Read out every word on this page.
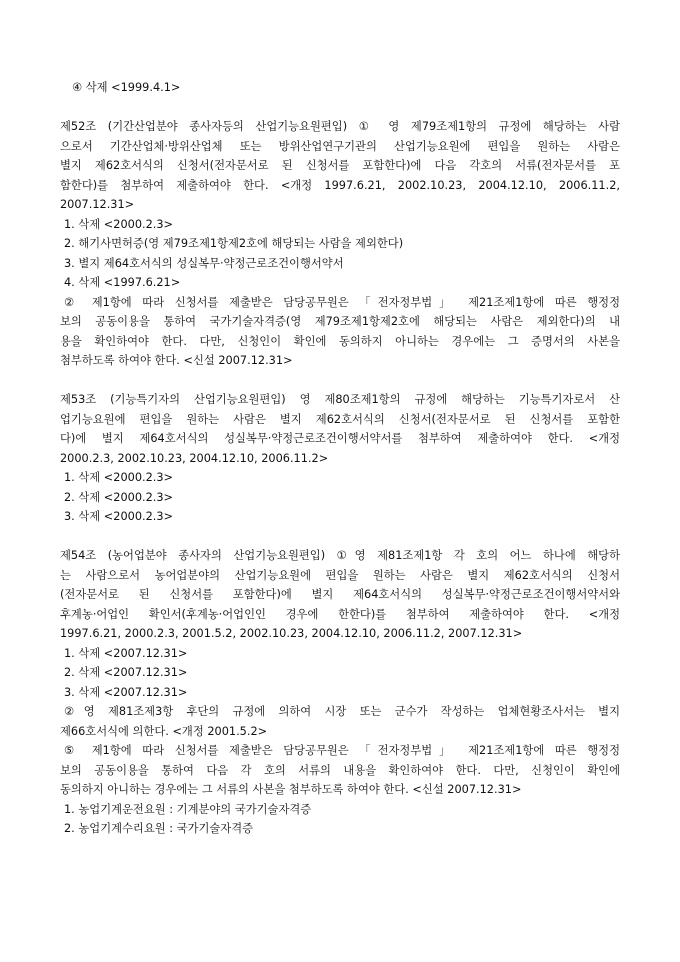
④ 삭제 <1999.4.1>
제52조 (기간산업분야 종사자등의 산업기능요원편입) ① 영 제79조제1항의 규정에 해당하는 사람
으로서 기간산업체·방위산업체 또는 방위산업연구기관의 산업기능요원에 편입을 원하는 사람은
별지 제62호서식의 신청서(전자문서로 된 신청서를 포함한다)에 다음 각호의 서류(전자문서를 포
함한다)를 첨부하여 제출하여야 한다. <개정 1997.6.21, 2002.10.23, 2004.12.10, 2006.11.2,
2007.12.31>
1. 삭제 <2000.2.3>
2. 해기사면허증(영 제79조제1항제2호에 해당되는 사람을 제외한다)
3. 별지 제64호서식의 성실복무·약정근로조건이행서약서
4. 삭제 <1997.6.21>
② 제1항에 따라 신청서를 제출받은 담당공무원은 「전자정부법」 제21조제1항에 따른 행정정
보의 공동이용을 통하여 국가기술자격증(영 제79조제1항제2호에 해당되는 사람은 제외한다)의 내
용을 확인하여야 한다. 다만, 신청인이 확인에 동의하지 아니하는 경우에는 그 증명서의 사본을
첨부하도록 하여야 한다. <신설 2007.12.31>
제53조 (기능특기자의 산업기능요원편입) 영 제80조제1항의 규정에 해당하는 기능특기자로서 산
업기능요원에 편입을 원하는 사람은 별지 제62호서식의 신청서(전자문서로 된 신청서를 포함한
다)에 별지 제64호서식의 성실복무·약정근로조건이행서약서를 첨부하여 제출하여야 한다. <개정
2000.2.3, 2002.10.23, 2004.12.10, 2006.11.2>
1. 삭제 <2000.2.3>
2. 삭제 <2000.2.3>
3. 삭제 <2000.2.3>
제54조 (농어업분야 종사자의 산업기능요원편입) ①영 제81조제1항 각 호의 어느 하나에 해당하
는 사람으로서 농어업분야의 산업기능요원에 편입을 원하는 사람은 별지 제62호서식의 신청서
(전자문서로 된 신청서를 포함한다)에 별지 제64호서식의 성실복무·약정근로조건이행서약서와
후계농·어업인 확인서(후계농·어업인인 경우에 한한다)를 첨부하여 제출하여야 한다. <개정
1997.6.21, 2000.2.3, 2001.5.2, 2002.10.23, 2004.12.10, 2006.11.2, 2007.12.31>
1. 삭제 <2007.12.31>
2. 삭제 <2007.12.31>
3. 삭제 <2007.12.31>
②영 제81조제3항 후단의 규정에 의하여 시장 또는 군수가 작성하는 업체현황조사서는 별지
제66호서식에 의한다. <개정 2001.5.2>
⑤ 제1항에 따라 신청서를 제출받은 담당공무원은 「전자정부법」 제21조제1항에 따른 행정정
보의 공동이용을 통하여 다음 각 호의 서류의 내용을 확인하여야 한다. 다만, 신청인이 확인에
동의하지 아니하는 경우에는 그 서류의 사본을 첨부하도록 하여야 한다. <신설 2007.12.31>
1. 농업기계운전요원 : 기계분야의 국가기술자격증
2. 농업기계수리요원 : 국가기술자격증
